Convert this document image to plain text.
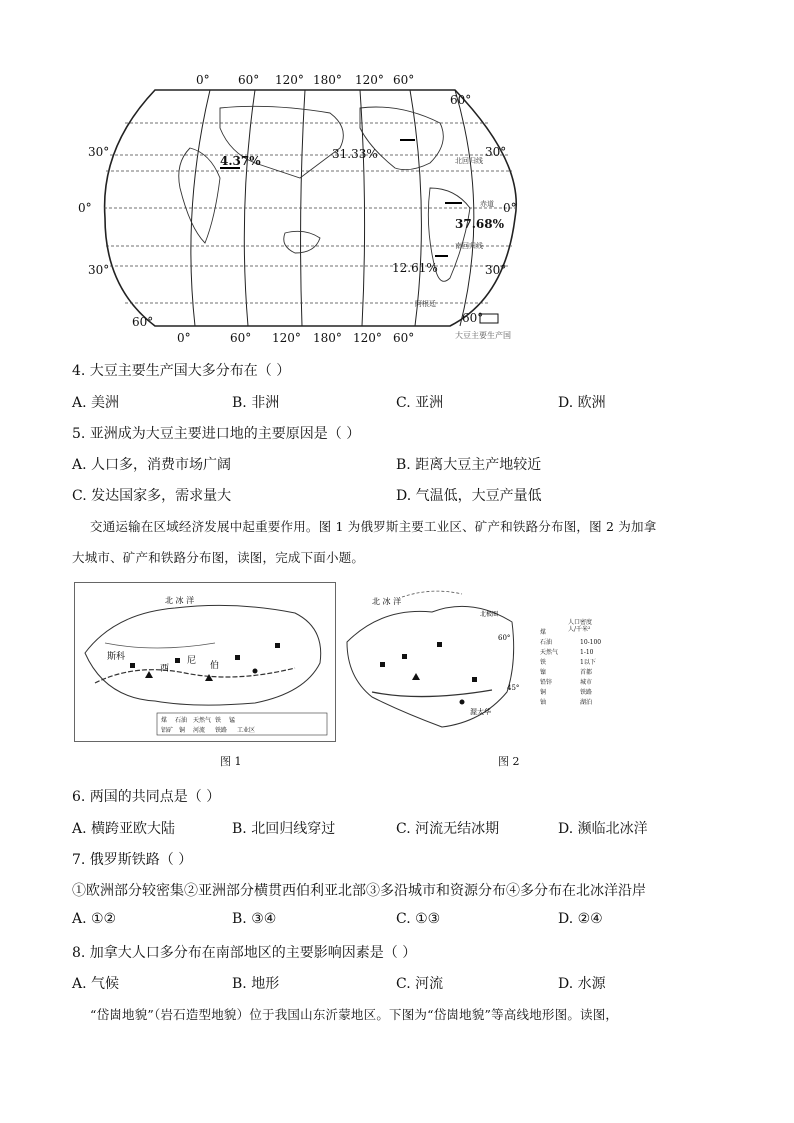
0° 60° 120° 180° 120° 60°
0°	60° 120° 180° 120° 60°
30°
0°
30°
60°
60°
30°
0°
30°
60°
4.37%	31.33%
37.68%
12.61%
北回归线
赤道
南回归线
阿根廷
大豆主要生产国
4. 大豆主要生产国大多分布在（ ）
A. 美洲	B. 非洲	C. 亚洲	D. 欧洲
5. 亚洲成为大豆主要进口地的主要原因是（ ）
A. 人口多，消费市场广阔	B. 距离大豆主产地较近
C. 发达国家多，需求量大	D. 气温低，大豆产量低
交通运输在区域经济发展中起重要作用。图 1 为俄罗斯主要工业区、矿产和铁路分布图，图 2 为加拿
大城市、矿产和铁路分布图，读图，完成下面小题。
北 冰 洋
斯科
西	伯
尼
煤 石油 天然气 铁 锰
铝矿 铜 河流 铁路 工业区
图 1
北 冰 洋
北极圈
60°
45°
渥太华
煤
石油
天然气
铁
镍
铅锌
铜
铀
人口密度
人/千米²
10-100
1-10
1以下
首都
城市
铁路
湖泊
图 2
6. 两国的共同点是（ ）
A. 横跨亚欧大陆	B. 北回归线穿过	C. 河流无结冰期	D. 濒临北冰洋
7. 俄罗斯铁路（ ）
①欧洲部分较密集②亚洲部分横贯西伯利亚北部③多沿城市和资源分布④多分布在北冰洋沿岸
A. ①②	B. ③④	C. ①③	D. ②④
8. 加拿大人口多分布在南部地区的主要影响因素是（ ）
A. 气候	B. 地形	C. 河流	D. 水源
“岱崮地貌”（岩石造型地貌）位于我国山东沂蒙地区。下图为“岱崮地貌”等高线地形图。读图，
